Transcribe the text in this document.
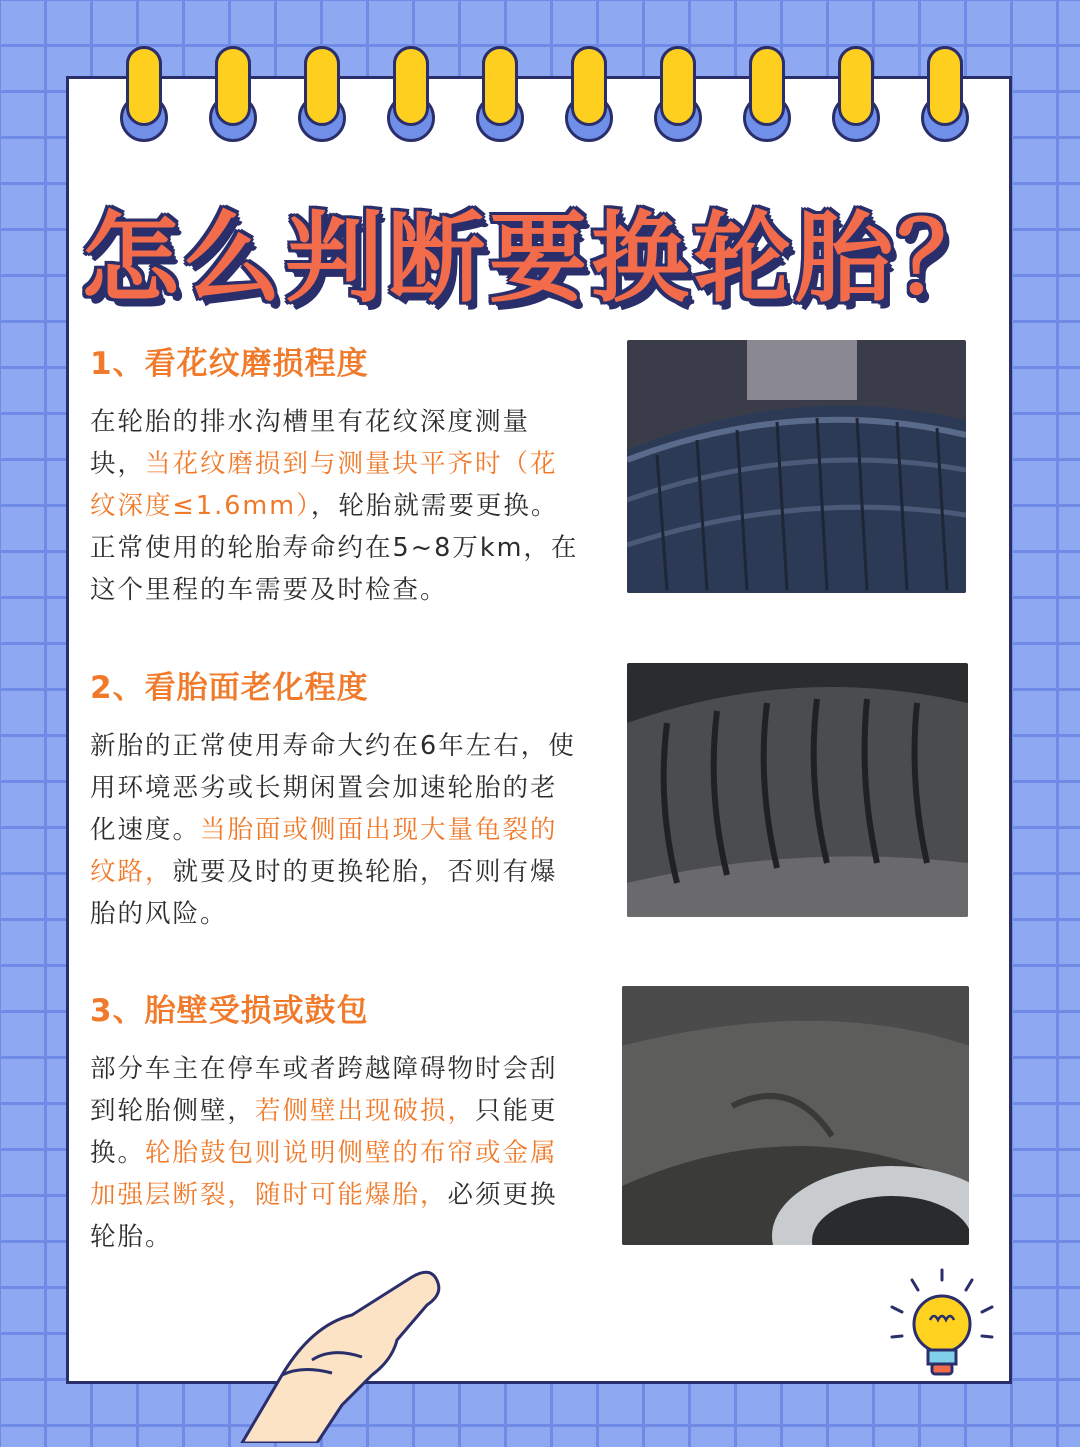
怎么判断要换轮胎？
1、看花纹磨损程度

在轮胎的排水沟槽里有花纹深度测量块，当花纹磨损到与测量块平齐时（花纹深度≤1.6mm），轮胎就需要更换。正常使用的轮胎寿命约在5~8万km，在这个里程的车需要及时检查。

2、看胎面老化程度

新胎的正常使用寿命大约在6年左右，使用环境恶劣或长期闲置会加速轮胎的老化速度。当胎面或侧面出现大量龟裂的纹路，就要及时的更换轮胎，否则有爆胎的风险。

3、胎壁受损或鼓包

部分车主在停车或者跨越障碍物时会刮到轮胎侧壁，若侧壁出现破损，只能更换。轮胎鼓包则说明侧壁的布帘或金属加强层断裂，随时可能爆胎，必须更换轮胎。
